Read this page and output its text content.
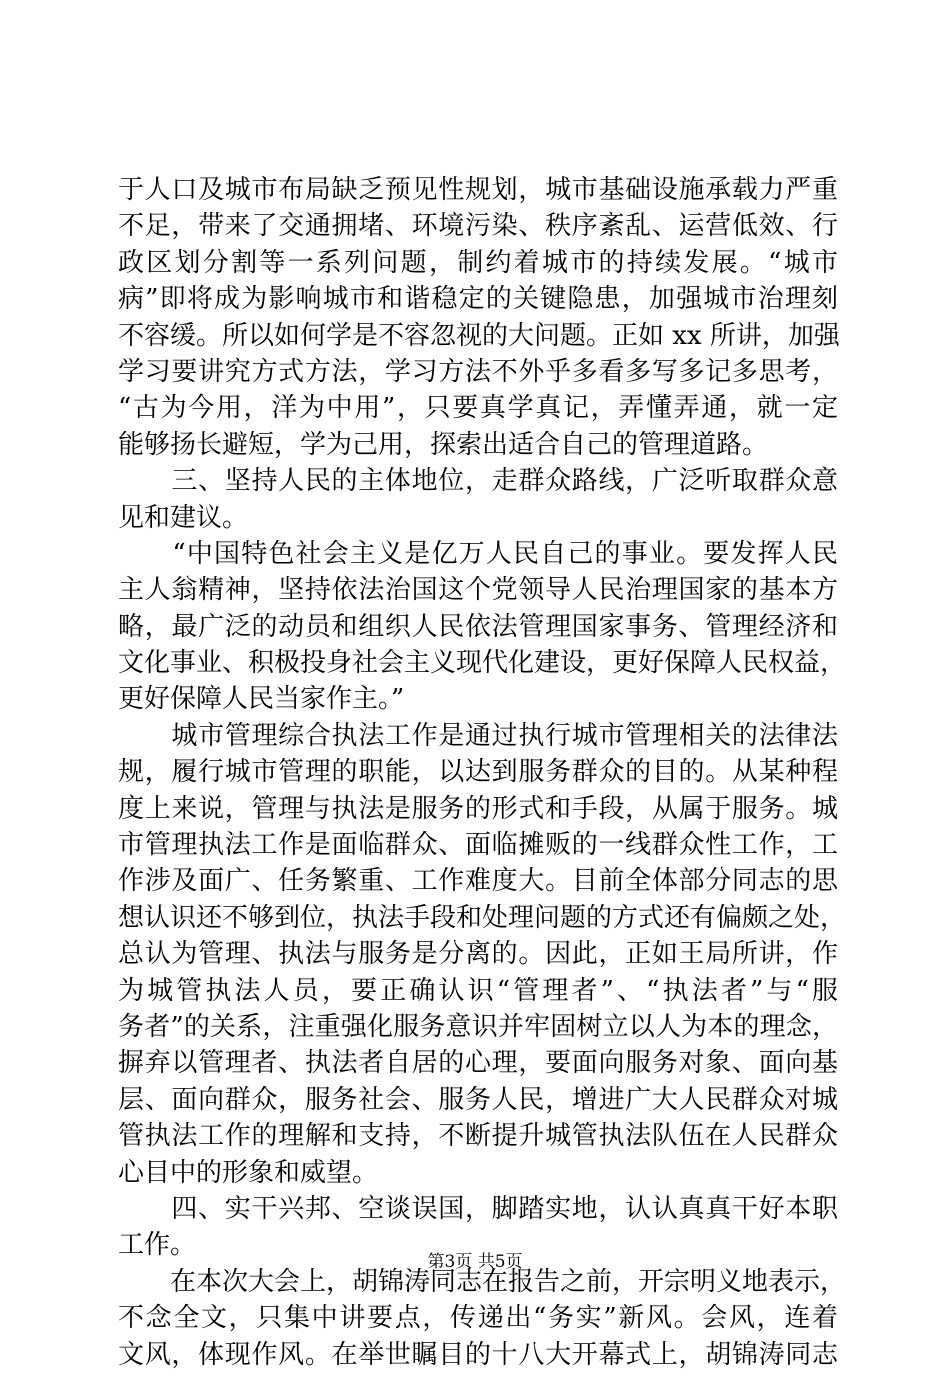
于人口及城市布局缺乏预见性规划，城市基础设施承载力严重
不足，带来了交通拥堵、环境污染、秩序紊乱、运营低效、行
政区划分割等一系列问题，制约着城市的持续发展。“城市
病”即将成为影响城市和谐稳定的关键隐患，加强城市治理刻
不容缓。所以如何学是不容忽视的大问题。正如 xx 所讲，加强
学习要讲究方式方法，学习方法不外乎多看多写多记多思考，
“古为今用，洋为中用”，只要真学真记，弄懂弄通，就一定
能够扬长避短，学为己用，探索出适合自己的管理道路。
　　三、坚持人民的主体地位，走群众路线，广泛听取群众意
见和建议。
　　“中国特色社会主义是亿万人民自己的事业。要发挥人民
主人翁精神，坚持依法治国这个党领导人民治理国家的基本方
略，最广泛的动员和组织人民依法管理国家事务、管理经济和
文化事业、积极投身社会主义现代化建设，更好保障人民权益，
更好保障人民当家作主。”
　　城市管理综合执法工作是通过执行城市管理相关的法律法
规，履行城市管理的职能，以达到服务群众的目的。从某种程
度上来说，管理与执法是服务的形式和手段，从属于服务。城
市管理执法工作是面临群众、面临摊贩的一线群众性工作，工
作涉及面广、任务繁重、工作难度大。目前全体部分同志的思
想认识还不够到位，执法手段和处理问题的方式还有偏颇之处，
总认为管理、执法与服务是分离的。因此，正如王局所讲，作
为城管执法人员，要正确认识“管理者”、“执法者”与“服
务者”的关系，注重强化服务意识并牢固树立以人为本的理念，
摒弃以管理者、执法者自居的心理，要面向服务对象、面向基
层、面向群众，服务社会、服务人民，增进广大人民群众对城
管执法工作的理解和支持，不断提升城管执法队伍在人民群众
心目中的形象和威望。
　　四、实干兴邦、空谈误国，脚踏实地，认认真真干好本职
工作。
　　在本次大会上，胡锦涛同志在报告之前，开宗明义地表示，
不念全文，只集中讲要点，传递出“务实”新风。会风，连着
文风，体现作风。在举世瞩目的十八大开幕式上，胡锦涛同志
第3页 共5页
